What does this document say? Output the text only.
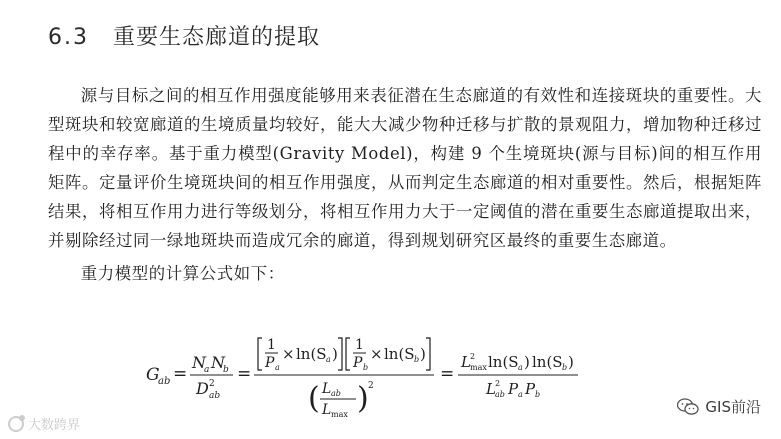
6.3 重要生态廊道的提取

源与目标之间的相互作用强度能够用来表征潜在生态廊道的有效性和连接斑块的重要性。大型斑块和较宽廊道的生境质量均较好，能大大减少物种迁移与扩散的景观阻力，增加物种迁移过程中的幸存率。基于重力模型(Gravity Model)，构建 9 个生境斑块(源与目标)间的相互作用矩阵。定量评价生境斑块间的相互作用强度，从而判定生态廊道的相对重要性。然后，根据矩阵结果，将相互作用力进行等级划分，将相互作用力大于一定阈值的潜在重要生态廊道提取出来，并剔除经过同一绿地斑块而造成冗余的廊道，得到规划研究区最终的重要生态廊道。

重力模型的计算公式如下：

G
ab =
N
a N
b
D 2
ab
=
1
P a
× ln(S a ) 1
P b
× ln(S b )
( L ab
L max ) 2
=
L 2
max ln(S a ) ln(S b )
L 2
ab P a P b
大数跨界
GIS前沿
